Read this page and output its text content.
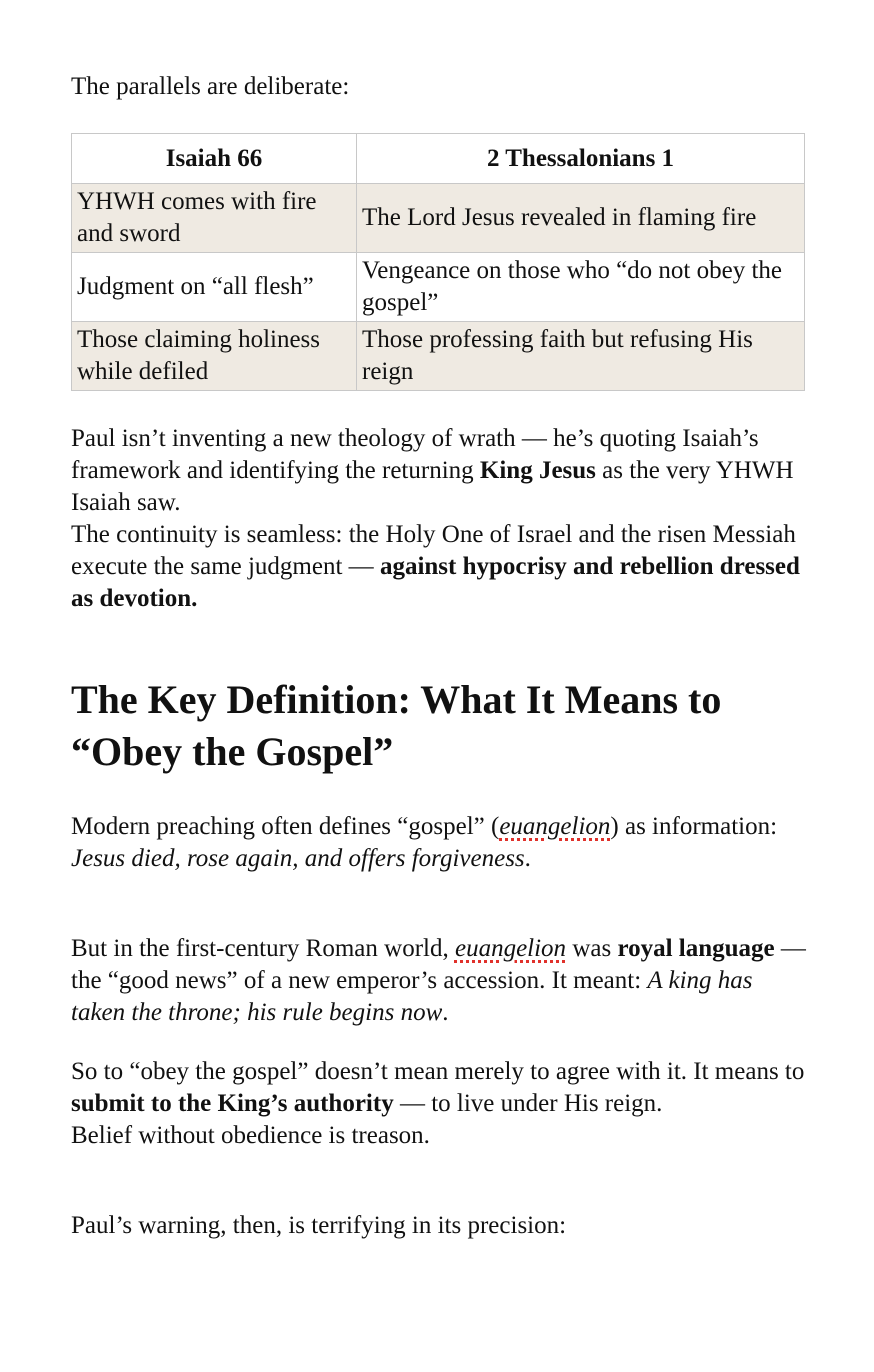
The parallels are deliberate:

Isaiah 66	2 Thessalonians 1
YHWH comes with fire and sword	The Lord Jesus revealed in flaming fire
Judgment on “all flesh”	Vengeance on those who “do not obey the gospel”
Those claiming holiness while defiled	Those professing faith but refusing His reign

Paul isn’t inventing a new theology of wrath — he’s quoting Isaiah’s framework and identifying the returning King Jesus as the very YHWH Isaiah saw.
The continuity is seamless: the Holy One of Israel and the risen Messiah execute the same judgment — against hypocrisy and rebellion dressed as devotion.

The Key Definition: What It Means to “Obey the Gospel”

Modern preaching often defines “gospel” (euangelion) as information:
Jesus died, rose again, and offers forgiveness.

But in the first-century Roman world, euangelion was royal language — the “good news” of a new emperor’s accession. It meant: A king has taken the throne; his rule begins now.

So to “obey the gospel” doesn’t mean merely to agree with it. It means to submit to the King’s authority — to live under His reign.
Belief without obedience is treason.

Paul’s warning, then, is terrifying in its precision:
